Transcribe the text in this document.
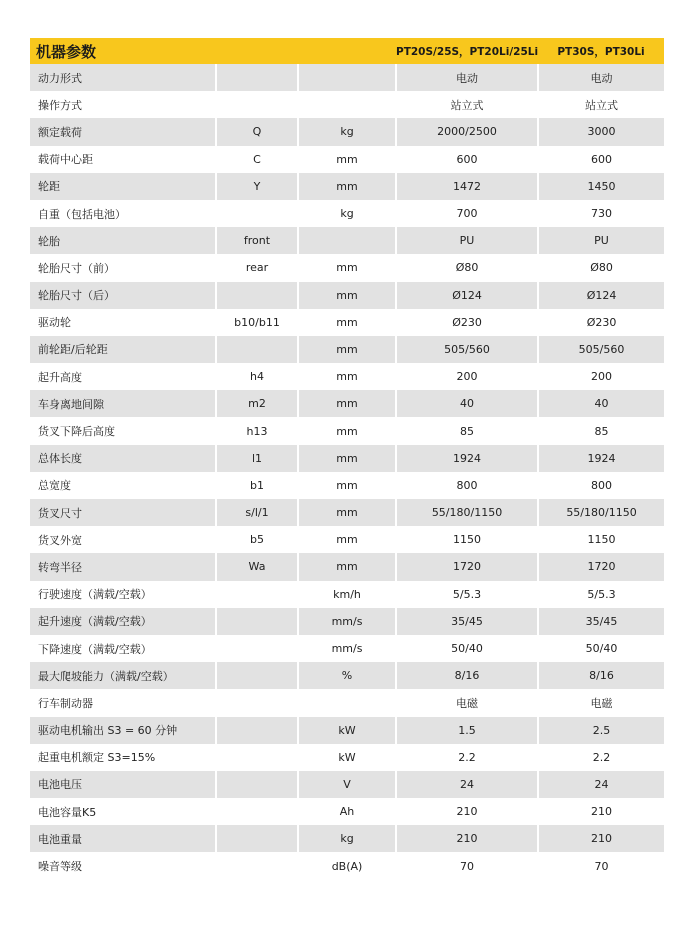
机器参数			PT20S/25S，PT20Li/25Li	PT30S，PT30Li
动力形式			电动	电动
操作方式			站立式	站立式
额定载荷	Q	kg	2000/2500	3000
载荷中心距	C	mm	600	600
轮距	Y	mm	1472	1450
自重（包括电池）		kg	700	730
轮胎	front		PU	PU
轮胎尺寸（前）	rear	mm	Ø80	Ø80
轮胎尺寸（后）		mm	Ø124	Ø124
驱动轮	b10/b11	mm	Ø230	Ø230
前轮距/后轮距		mm	505/560	505/560
起升高度	h4	mm	200	200
车身离地间隙	m2	mm	40	40
货叉下降后高度	h13	mm	85	85
总体长度	l1	mm	1924	1924
总宽度	b1	mm	800	800
货叉尺寸	s/l/1	mm	55/180/1150	55/180/1150
货叉外宽	b5	mm	1150	1150
转弯半径	Wa	mm	1720	1720
行驶速度（满载/空载）		km/h	5/5.3	5/5.3
起升速度（满载/空载）		mm/s	35/45	35/45
下降速度（满载/空载）		mm/s	50/40	50/40
最大爬坡能力（满载/空载）		%	8/16	8/16
行车制动器			电磁	电磁
驱动电机输出 S3 = 60 分钟		kW	1.5	2.5
起重电机额定 S3=15%		kW	2.2	2.2
电池电压		V	24	24
电池容量K5		Ah	210	210
电池重量		kg	210	210
噪音等级		dB(A)	70	70
